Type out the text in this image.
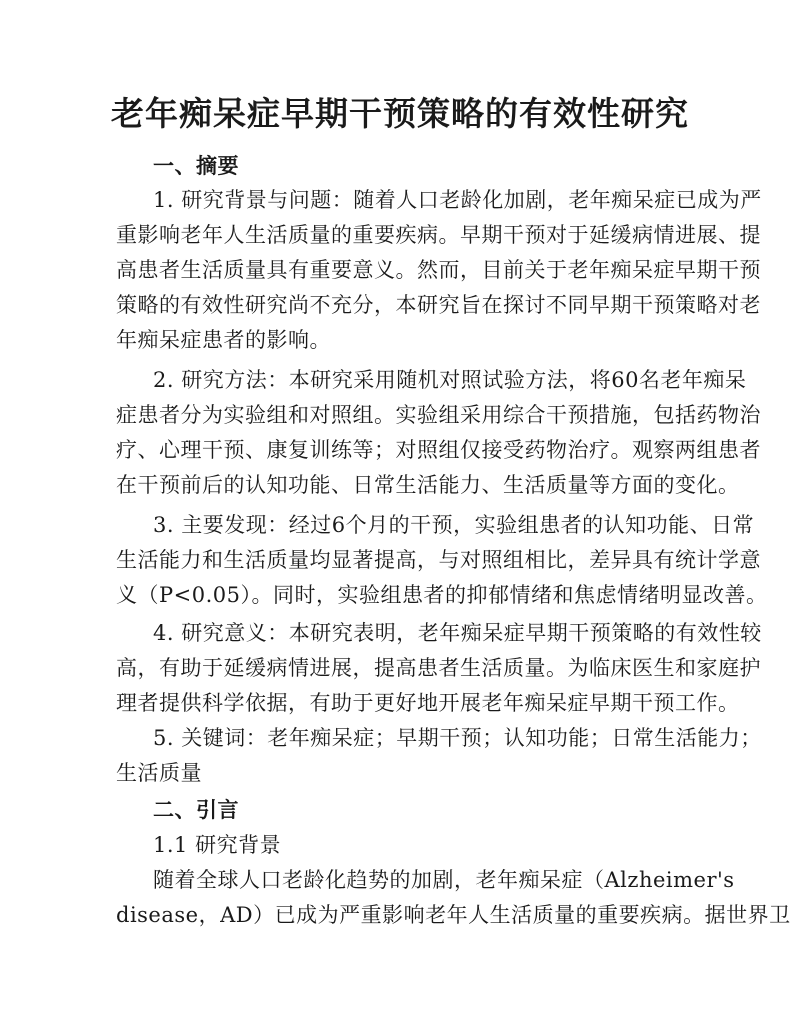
老年痴呆症早期干预策略的有效性研究
一、摘要
1. 研究背景与问题：随着人口老龄化加剧，老年痴呆症已成为严
重影响老年人生活质量的重要疾病。早期干预对于延缓病情进展、提
高患者生活质量具有重要意义。然而，目前关于老年痴呆症早期干预
策略的有效性研究尚不充分，本研究旨在探讨不同早期干预策略对老
年痴呆症患者的影响。
2. 研究方法：本研究采用随机对照试验方法，将60名老年痴呆
症患者分为实验组和对照组。实验组采用综合干预措施，包括药物治
疗、心理干预、康复训练等；对照组仅接受药物治疗。观察两组患者
在干预前后的认知功能、日常生活能力、生活质量等方面的变化。
3. 主要发现：经过6个月的干预，实验组患者的认知功能、日常
生活能力和生活质量均显著提高，与对照组相比，差异具有统计学意
义（P<0.05）。同时，实验组患者的抑郁情绪和焦虑情绪明显改善。
4. 研究意义：本研究表明，老年痴呆症早期干预策略的有效性较
高，有助于延缓病情进展，提高患者生活质量。为临床医生和家庭护
理者提供科学依据，有助于更好地开展老年痴呆症早期干预工作。
5. 关键词：老年痴呆症；早期干预；认知功能；日常生活能力；
生活质量
二、引言
1.1 研究背景
随着全球人口老龄化趋势的加剧，老年痴呆症（Alzheimer's
disease，AD）已成为严重影响老年人生活质量的重要疾病。据世界卫
